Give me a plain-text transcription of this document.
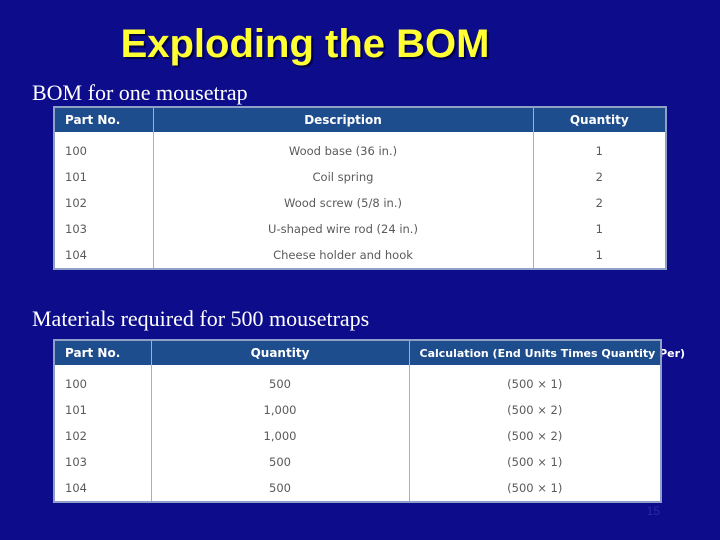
Exploding the BOM
BOM for one mousetrap
Part No.	Description	Quantity

100	Wood base (36 in.)	1
101	Coil spring	2
102	Wood screw (5/8 in.)	2
103	U-shaped wire rod (24 in.)	1
104	Cheese holder and hook	1
Materials required for 500 mousetraps
Part No.	Quantity	Calculation (End Units Times Quantity Per)

100	500	(500 × 1)
101	1,000	(500 × 2)
102	1,000	(500 × 2)
103	500	(500 × 1)
104	500	(500 × 1)
15
